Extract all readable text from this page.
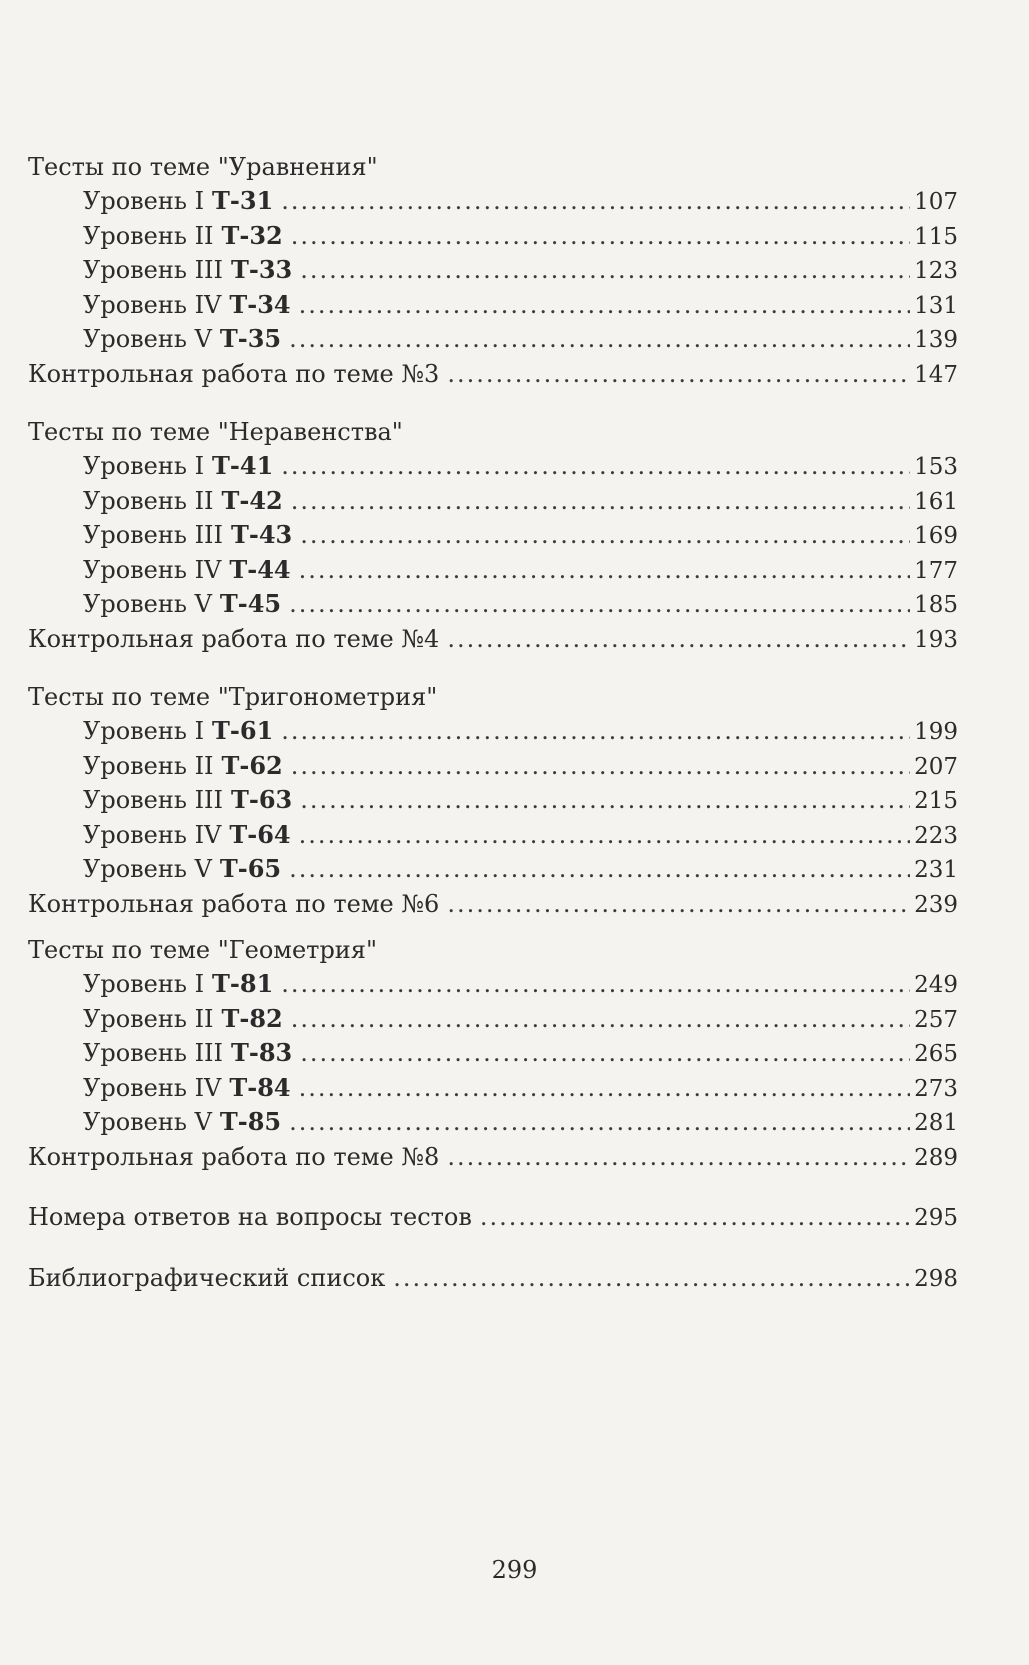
Тесты по теме "Уравнения"
Уровень I Т-31 .....	107
Уровень II Т-32 .....	115
Уровень III Т-33 .....	123
Уровень IV Т-34 .....	131
Уровень V Т-35 .....	139
Контрольная работа по теме №3 .....	147
Тесты по теме "Неравенства"
Уровень I Т-41 .....	153
Уровень II Т-42 .....	161
Уровень III Т-43 .....	169
Уровень IV Т-44 .....	177
Уровень V Т-45 .....	185
Контрольная работа по теме №4 .....	193
Тесты по теме "Тригонометрия"
Уровень I Т-61 .....	199
Уровень II Т-62 .....	207
Уровень III Т-63 .....	215
Уровень IV Т-64 .....	223
Уровень V Т-65 .....	231
Контрольная работа по теме №6 .....	239
Тесты по теме "Геометрия"
Уровень I Т-81 .....	249
Уровень II Т-82 .....	257
Уровень III Т-83 .....	265
Уровень IV Т-84 .....	273
Уровень V Т-85 .....	281
Контрольная работа по теме №8 .....	289
Номера ответов на вопросы тестов .....	295
Библиографический список .....	298
299
